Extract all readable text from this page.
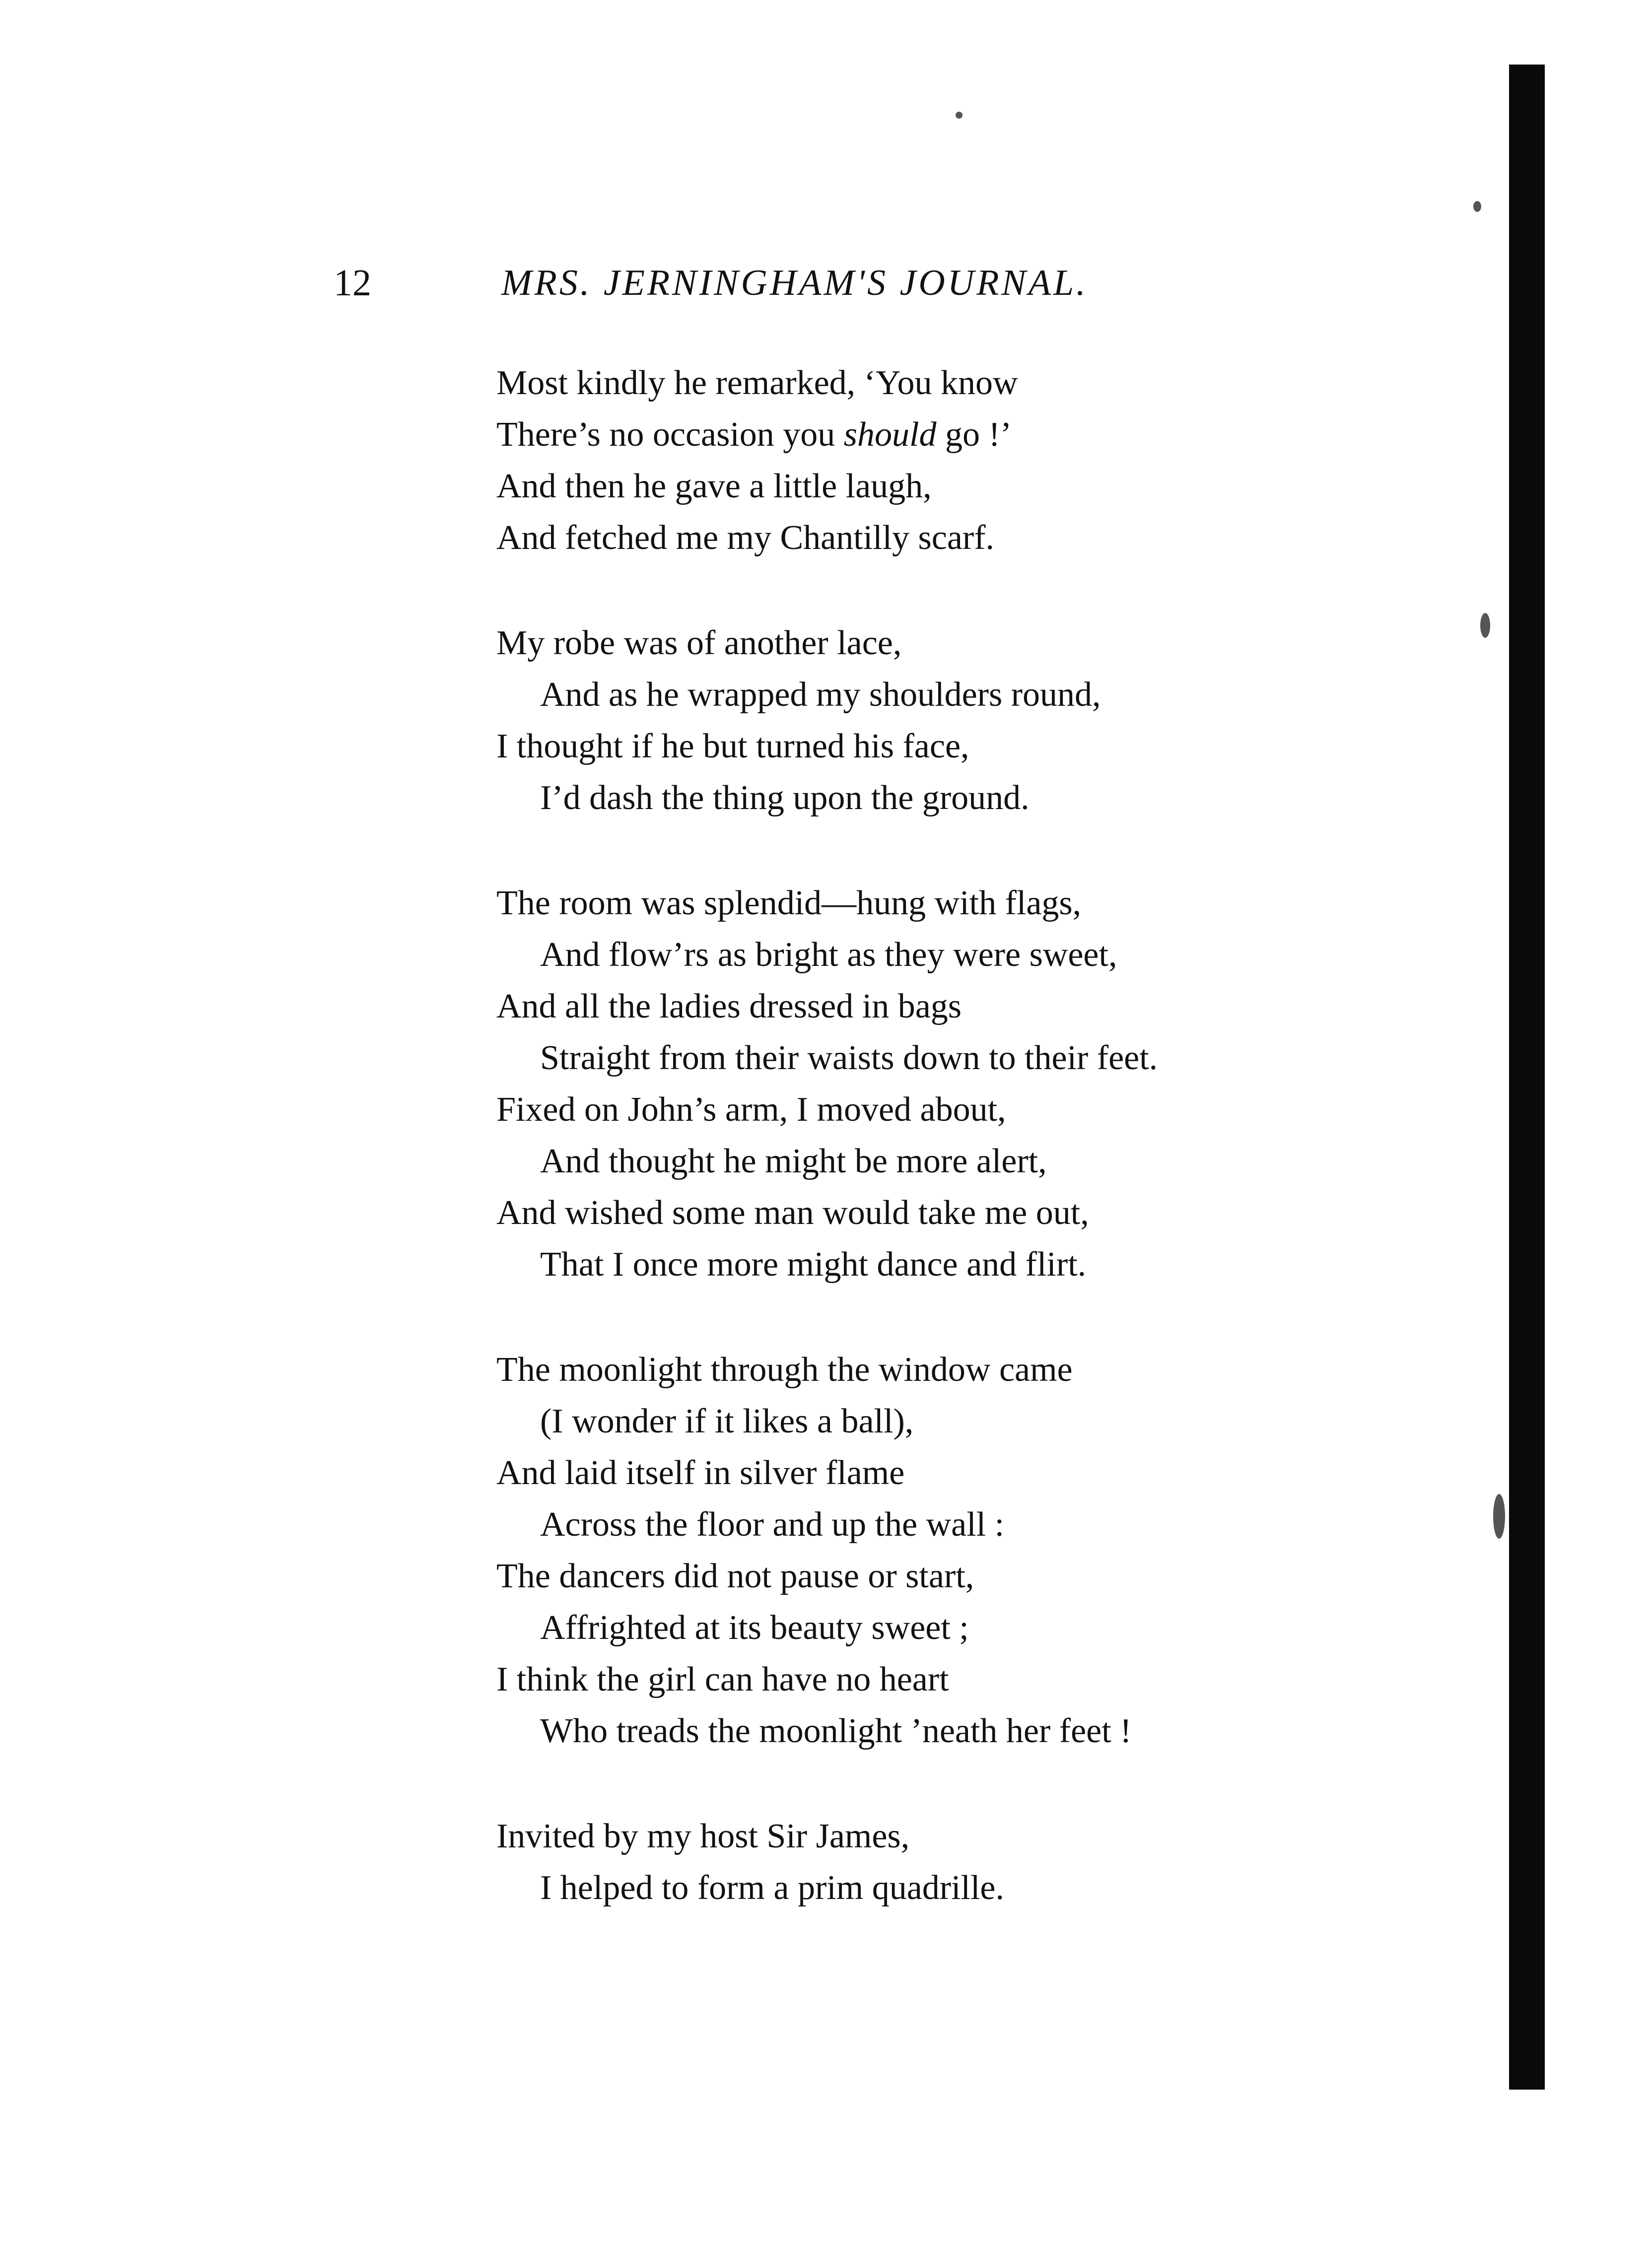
12	MRS. JERNINGHAM'S JOURNAL.
Most kindly he remarked, ‘You know
There’s no occasion you should go !’
And then he gave a little laugh,
And fetched me my Chantilly scarf.
My robe was of another lace,
And as he wrapped my shoulders round,
I thought if he but turned his face,
I’d dash the thing upon the ground.
The room was splendid—hung with flags,
And flow’rs as bright as they were sweet,
And all the ladies dressed in bags
Straight from their waists down to their feet.
Fixed on John’s arm, I moved about,
And thought he might be more alert,
And wished some man would take me out,
That I once more might dance and flirt.
The moonlight through the window came
(I wonder if it likes a ball),
And laid itself in silver flame
Across the floor and up the wall :
The dancers did not pause or start,
Affrighted at its beauty sweet ;
I think the girl can have no heart
Who treads the moonlight ’neath her feet !
Invited by my host Sir James,
I helped to form a prim quadrille.
